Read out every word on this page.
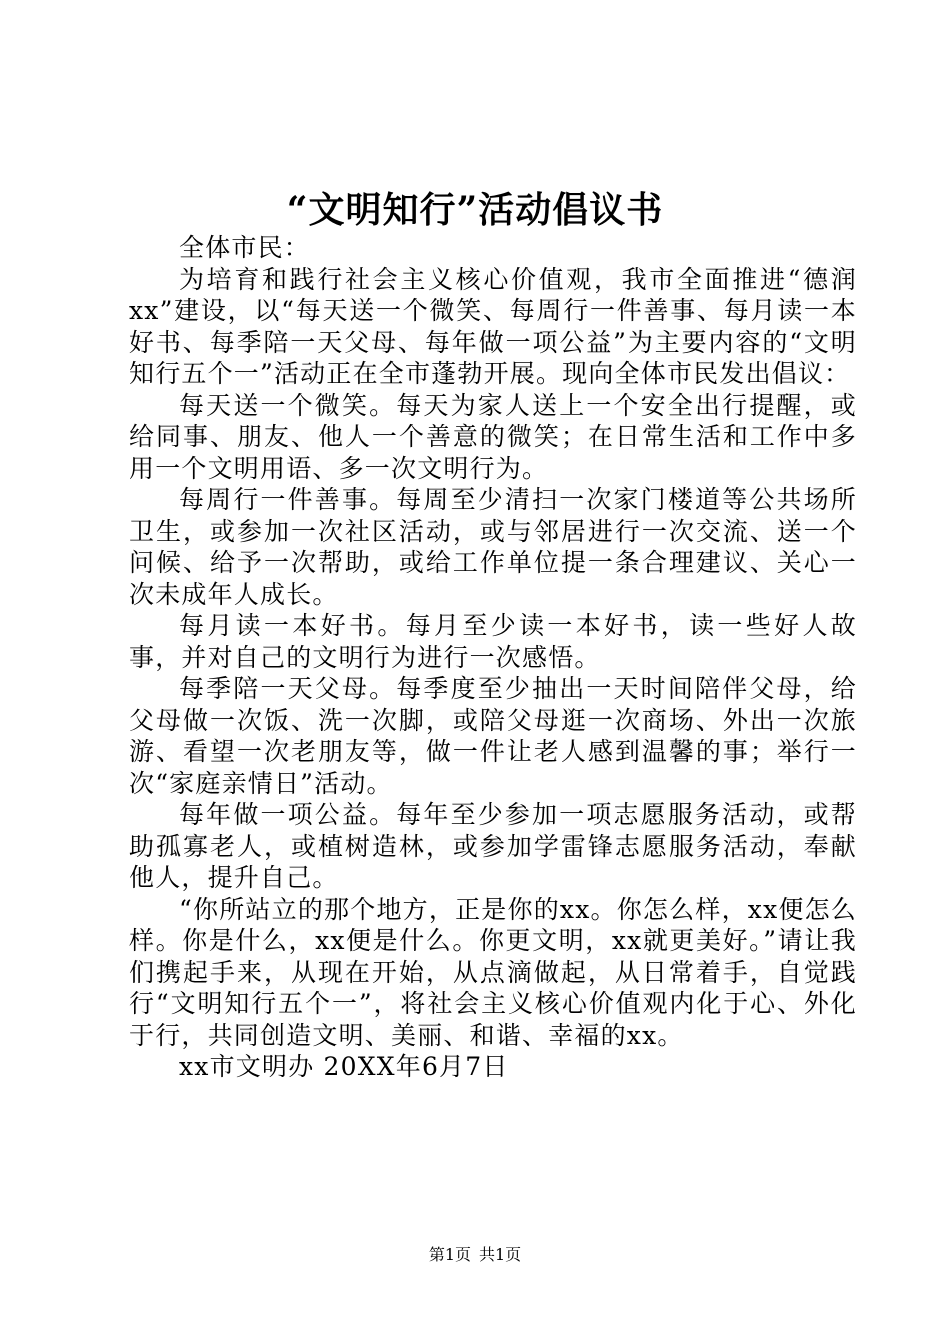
“文明知行”活动倡议书

全体市民：

为培育和践行社会主义核心价值观，我市全面推进“德润xx”建设，以“每天送一个微笑、每周行一件善事、每月读一本好书、每季陪一天父母、每年做一项公益”为主要内容的“文明知行五个一”活动正在全市蓬勃开展。现向全体市民发出倡议：

每天送一个微笑。每天为家人送上一个安全出行提醒，或给同事、朋友、他人一个善意的微笑；在日常生活和工作中多用一个文明用语、多一次文明行为。

每周行一件善事。每周至少清扫一次家门楼道等公共场所卫生，或参加一次社区活动，或与邻居进行一次交流、送一个问候、给予一次帮助，或给工作单位提一条合理建议、关心一次未成年人成长。

每月读一本好书。每月至少读一本好书，读一些好人故事，并对自己的文明行为进行一次感悟。

每季陪一天父母。每季度至少抽出一天时间陪伴父母，给父母做一次饭、洗一次脚，或陪父母逛一次商场、外出一次旅游、看望一次老朋友等，做一件让老人感到温馨的事；举行一次“家庭亲情日”活动。

每年做一项公益。每年至少参加一项志愿服务活动，或帮助孤寡老人，或植树造林，或参加学雷锋志愿服务活动，奉献他人，提升自己。

“你所站立的那个地方，正是你的xx。你怎么样，xx便怎么样。你是什么，xx便是什么。你更文明，xx就更美好。”请让我们携起手来，从现在开始，从点滴做起，从日常着手，自觉践行“文明知行五个一”，将社会主义核心价值观内化于心、外化于行，共同创造文明、美丽、和谐、幸福的xx。

xx市文明办 20XX年6月7日

第1页 共1页
